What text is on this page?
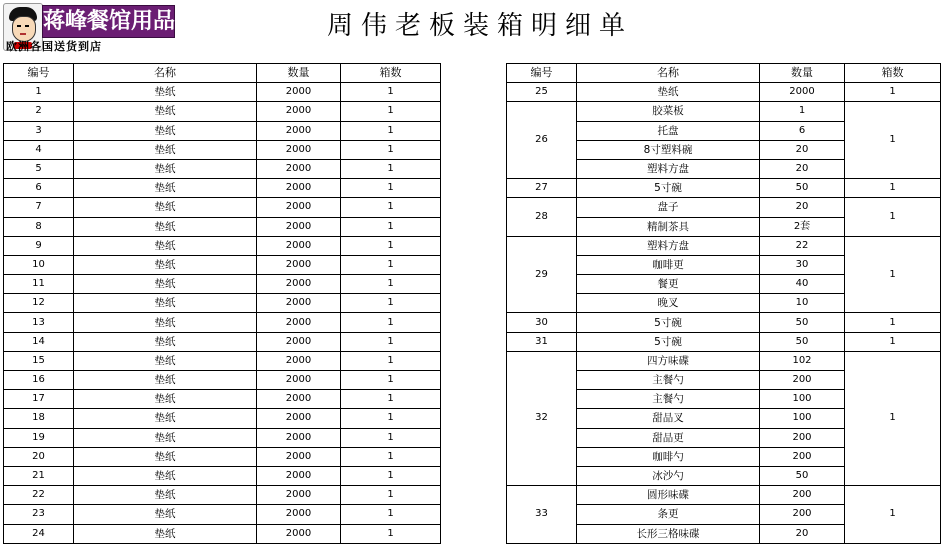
蒋峰餐馆用品
欧洲各国送货到店
周伟老板装箱明细单
编号	名称	数量	箱数
1	垫纸	2000	1
2	垫纸	2000	1
3	垫纸	2000	1
4	垫纸	2000	1
5	垫纸	2000	1
6	垫纸	2000	1
7	垫纸	2000	1
8	垫纸	2000	1
9	垫纸	2000	1
10	垫纸	2000	1
11	垫纸	2000	1
12	垫纸	2000	1
13	垫纸	2000	1
14	垫纸	2000	1
15	垫纸	2000	1
16	垫纸	2000	1
17	垫纸	2000	1
18	垫纸	2000	1
19	垫纸	2000	1
20	垫纸	2000	1
21	垫纸	2000	1
22	垫纸	2000	1
23	垫纸	2000	1
24	垫纸	2000	1
编号	名称	数量	箱数
25	垫纸	2000	1
26	胶菜板	1	1
	托盘	6	
	8寸塑料碗	20	
	塑料方盘	20	
27	5寸碗	50	1
28	盘子	20	1
	精制茶具	2套	
29	塑料方盘	22	1
	咖啡更	30	
	餐更	40	
	晚叉	10	
30	5寸碗	50	1
31	5寸碗	50	1
32	四方味碟	102	1
	主餐勺	200	
	主餐勺	100	
	甜品叉	100	
	甜品更	200	
	咖啡勺	200	
	冰沙勺	50	
33	圆形味碟	200	1
	条更	200	
	长形三格味碟	20	
